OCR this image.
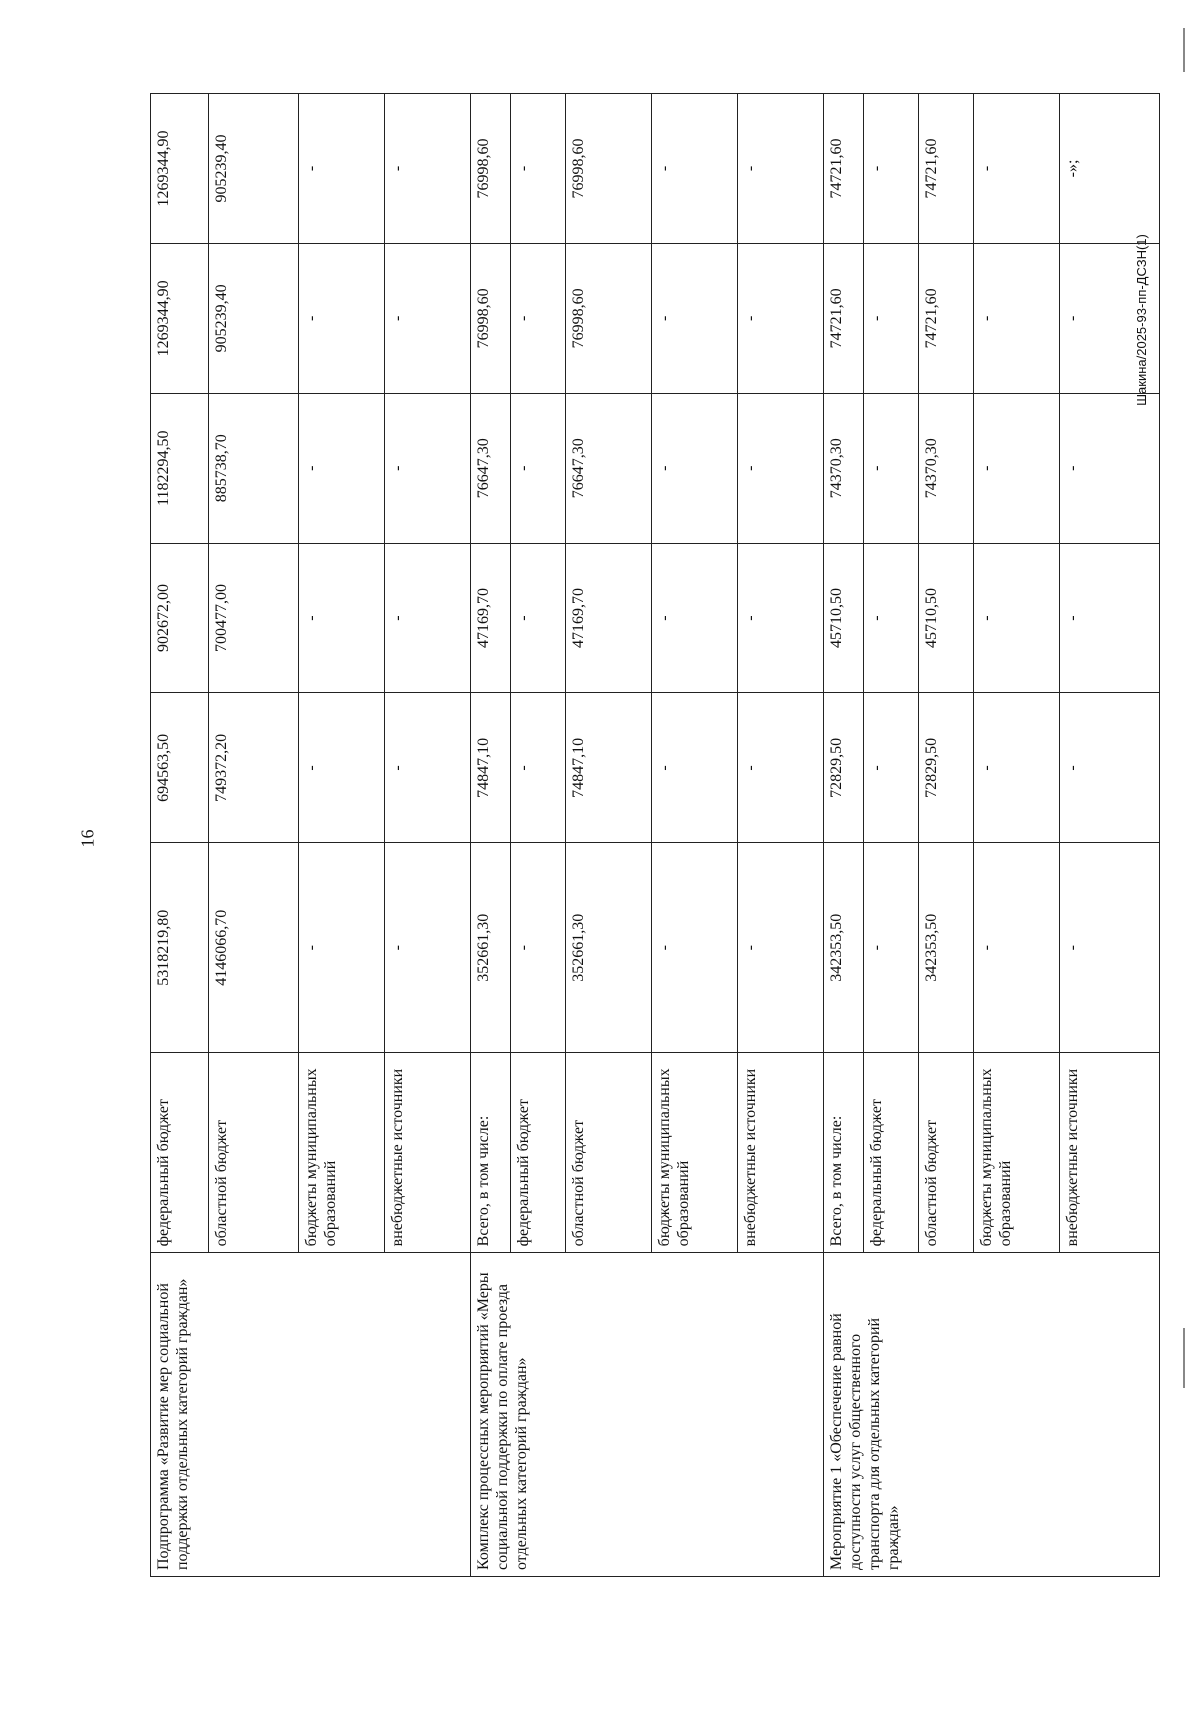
16
Шакина/2025-93-пп-ДСЗН(1)
Подпрограмма «Развитие мер социальной поддержки отдельных категорий граждан»	федеральный бюджет	5318219,80	694563,50	902672,00	1182294,50	1269344,90	1269344,90
	областной бюджет	4146066,70	749372,20	700477,00	885738,70	905239,40	905239,40
	бюджеты муниципальных образований	-	-	-	-	-	-
	внебюджетные источники	-	-	-	-	-	-
Комплекс процессных мероприятий «Меры социальной поддержки по оплате проезда отдельных категорий граждан»	Всего, в том числе:	352661,30	74847,10	47169,70	76647,30	76998,60	76998,60
	федеральный бюджет	-	-	-	-	-	-
	областной бюджет	352661,30	74847,10	47169,70	76647,30	76998,60	76998,60
	бюджеты муниципальных образований	-	-	-	-	-	-
	внебюджетные источники	-	-	-	-	-	-
Мероприятие 1 «Обеспечение равной доступности услуг общественного транспорта для отдельных категорий граждан»	Всего, в том числе:	342353,50	72829,50	45710,50	74370,30	74721,60	74721,60
	федеральный бюджет	-	-	-	-	-	-
	областной бюджет	342353,50	72829,50	45710,50	74370,30	74721,60	74721,60
	бюджеты муниципальных образований	-	-	-	-	-	-
	внебюджетные источники	-	-	-	-	-	-»;
